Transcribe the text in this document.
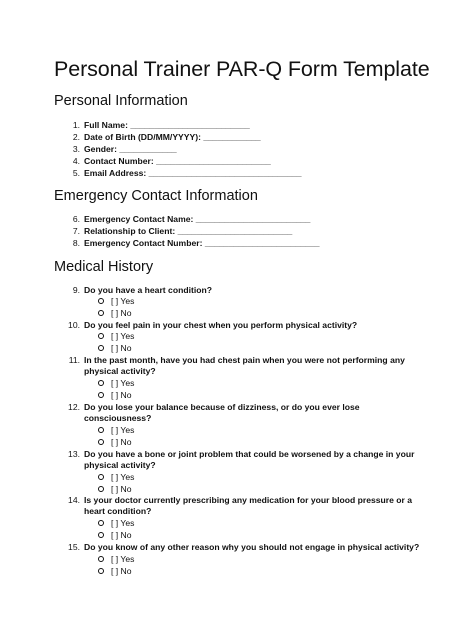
Personal Trainer PAR-Q Form Template
Personal Information
1. Full Name: _________________________
2. Date of Birth (DD/MM/YYYY): ____________
3. Gender: ____________
4. Contact Number: ________________________
5. Email Address: ________________________________
Emergency Contact Information
6. Emergency Contact Name: ________________________
7. Relationship to Client: ________________________
8. Emergency Contact Number: ________________________
Medical History
9. Do you have a heart condition?
[ ] Yes
[ ] No
10. Do you feel pain in your chest when you perform physical activity?
[ ] Yes
[ ] No
11. In the past month, have you had chest pain when you were not performing any
physical activity?
[ ] Yes
[ ] No
12. Do you lose your balance because of dizziness, or do you ever lose
consciousness?
[ ] Yes
[ ] No
13. Do you have a bone or joint problem that could be worsened by a change in your
physical activity?
[ ] Yes
[ ] No
14. Is your doctor currently prescribing any medication for your blood pressure or a
heart condition?
[ ] Yes
[ ] No
15. Do you know of any other reason why you should not engage in physical activity?
[ ] Yes
[ ] No
